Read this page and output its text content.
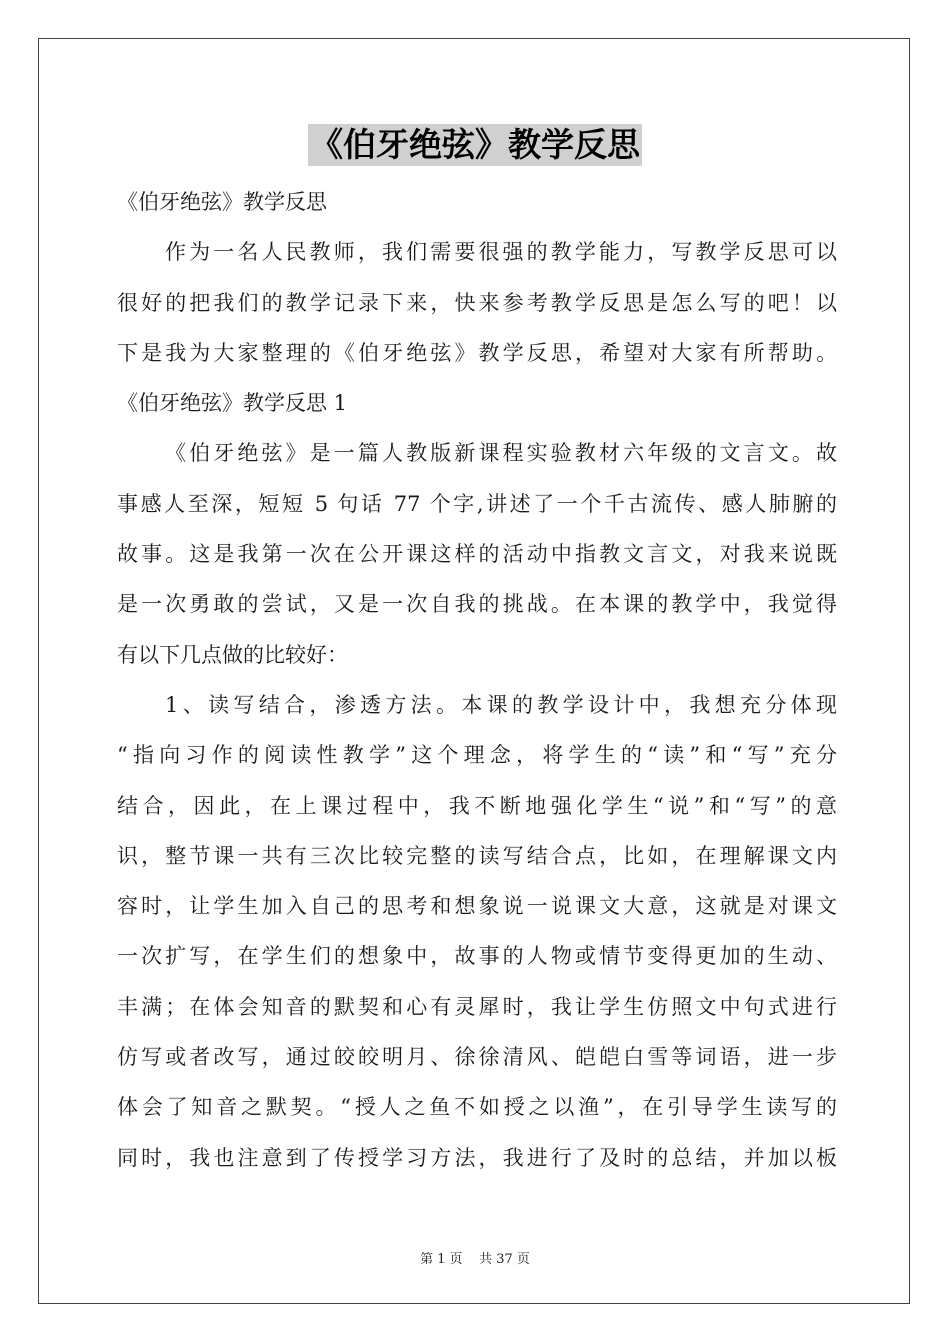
《伯牙绝弦》教学反思
《伯牙绝弦》教学反思
作为一名人民教师，我们需要很强的教学能力，写教学反思可以
很好的把我们的教学记录下来，快来参考教学反思是怎么写的吧！以
下是我为大家整理的《伯牙绝弦》教学反思，希望对大家有所帮助。
《伯牙绝弦》教学反思 1
《伯牙绝弦》是一篇人教版新课程实验教材六年级的文言文。故
事感人至深，短短 5 句话 77 个字,讲述了一个千古流传、感人肺腑的
故事。这是我第一次在公开课这样的活动中指教文言文，对我来说既
是一次勇敢的尝试，又是一次自我的挑战。在本课的教学中，我觉得
有以下几点做的比较好：
1、读写结合，渗透方法。本课的教学设计中，我想充分体现
“指向习作的阅读性教学”这个理念，将学生的“读”和“写”充分
结合，因此，在上课过程中，我不断地强化学生“说”和“写”的意
识，整节课一共有三次比较完整的读写结合点，比如，在理解课文内
容时，让学生加入自己的思考和想象说一说课文大意，这就是对课文
一次扩写，在学生们的想象中，故事的人物或情节变得更加的生动、
丰满；在体会知音的默契和心有灵犀时，我让学生仿照文中句式进行
仿写或者改写，通过皎皎明月、徐徐清风、皑皑白雪等词语，进一步
体会了知音之默契。“授人之鱼不如授之以渔”，在引导学生读写的
同时，我也注意到了传授学习方法，我进行了及时的总结，并加以板
第 1 页    共 37 页
